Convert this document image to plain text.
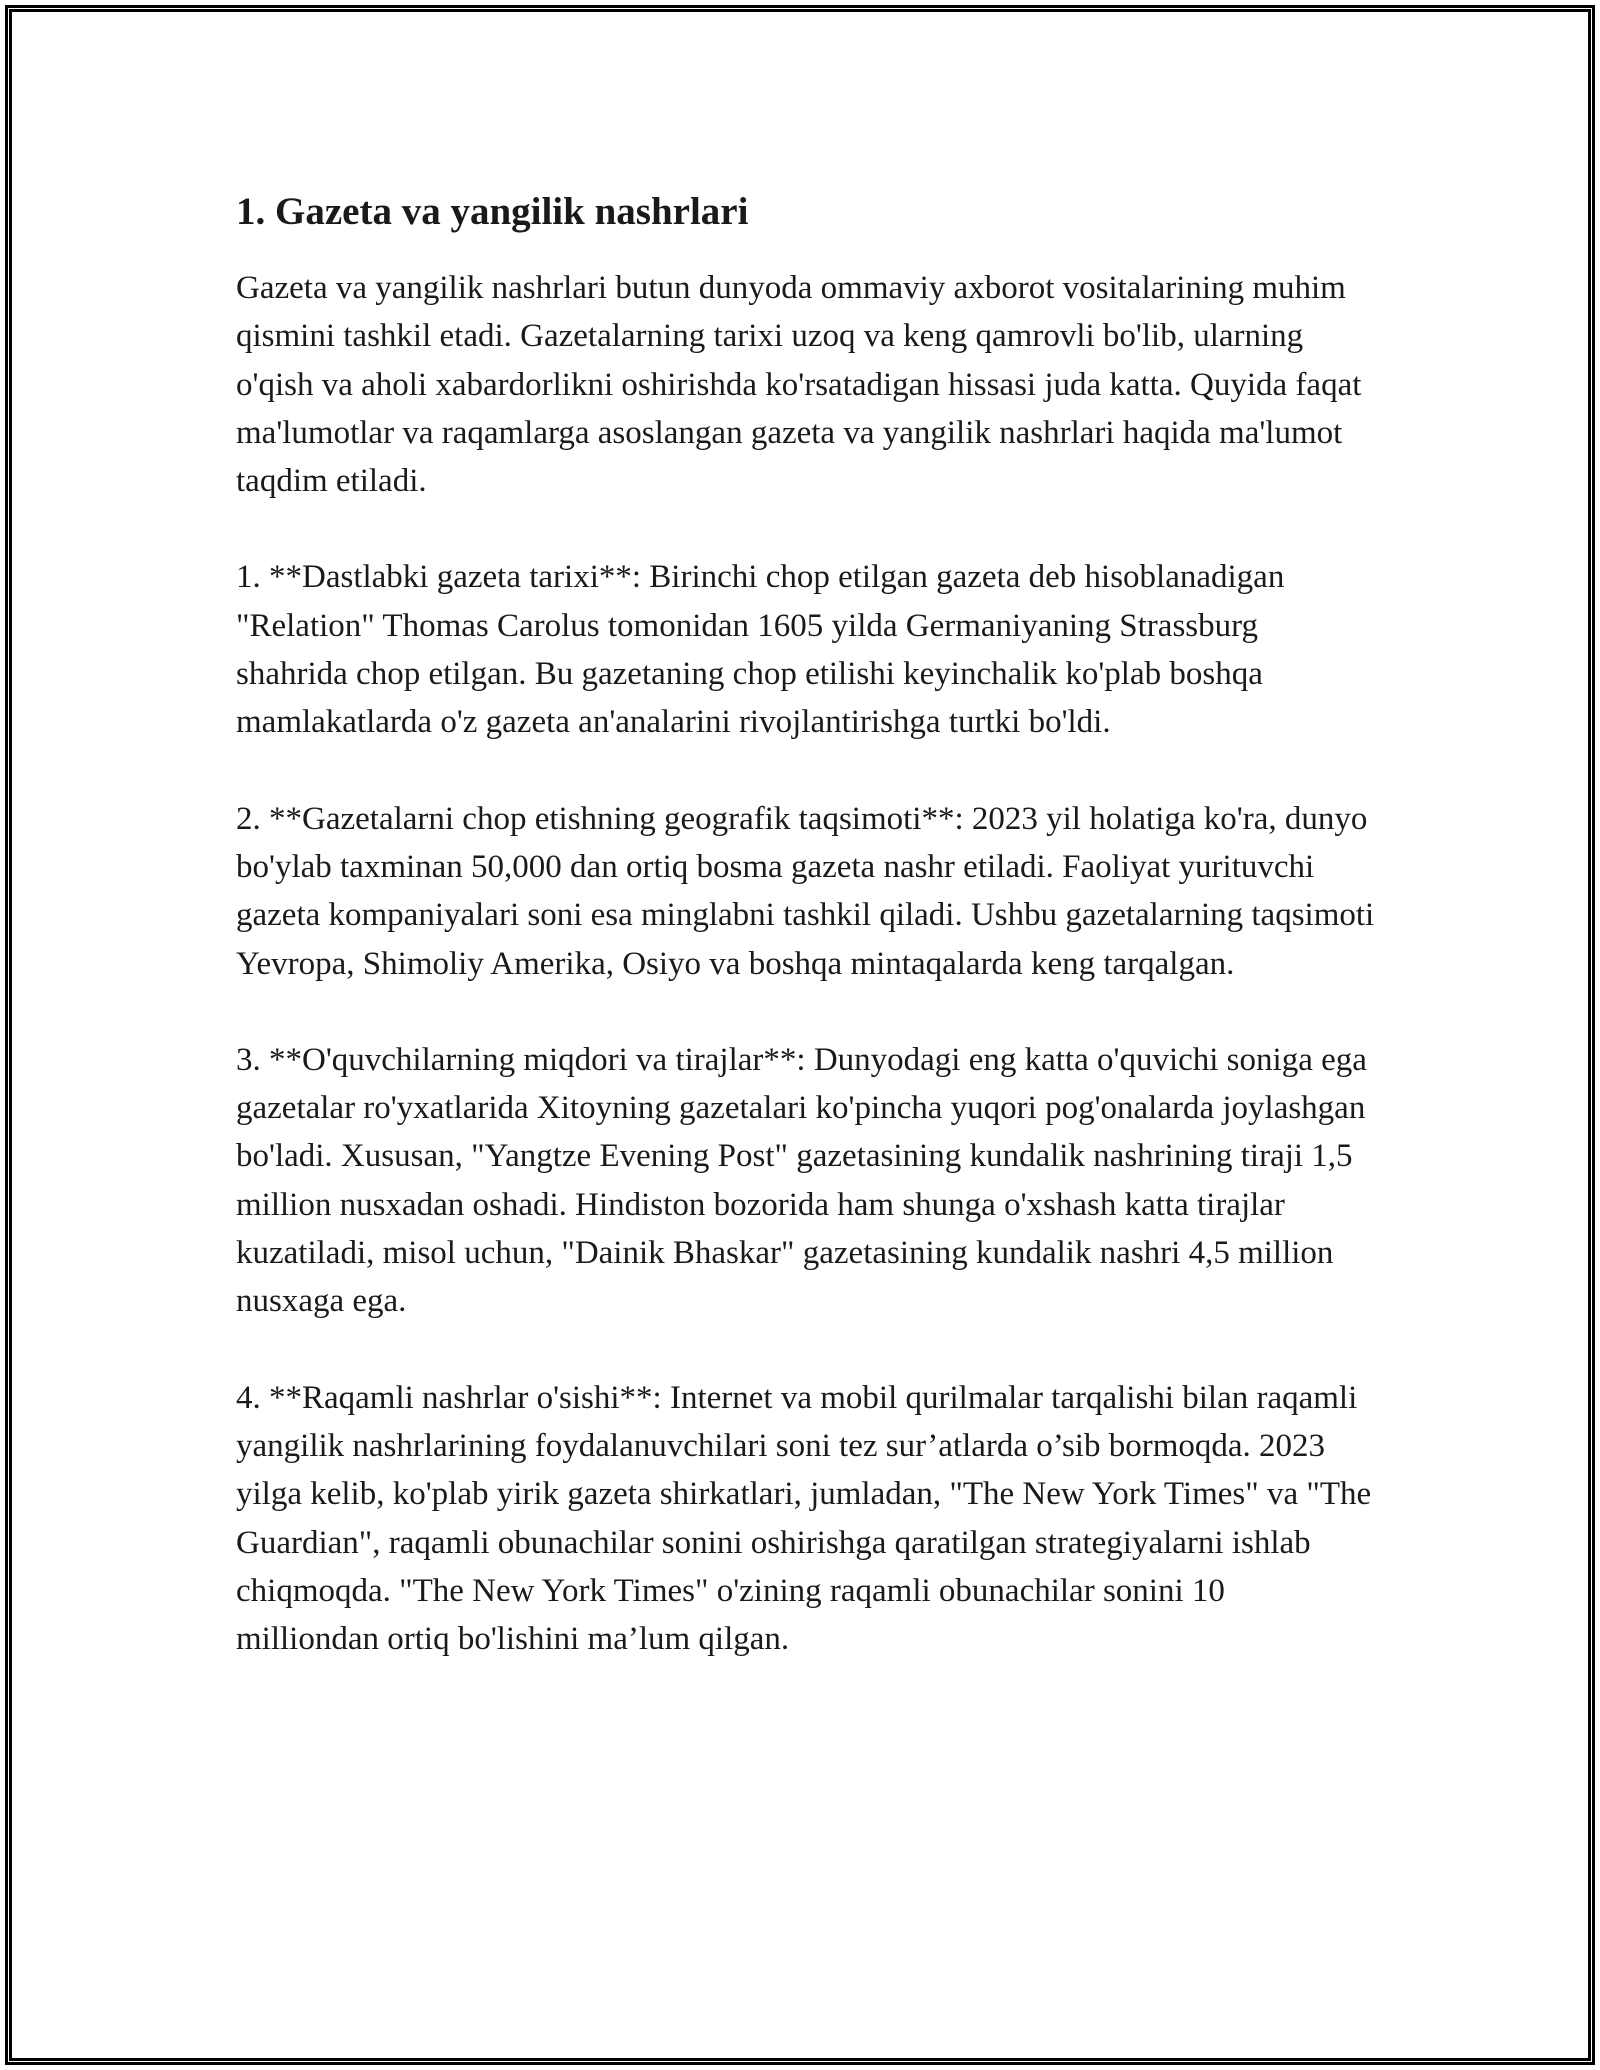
1. Gazeta va yangilik nashrlari

Gazeta va yangilik nashrlari butun dunyoda ommaviy axborot vositalarining muhim qismini tashkil etadi. Gazetalarning tarixi uzoq va keng qamrovli bo'lib, ularning o'qish va aholi xabardorlikni oshirishda ko'rsatadigan hissasi juda katta. Quyida faqat ma'lumotlar va raqamlarga asoslangan gazeta va yangilik nashrlari haqida ma'lumot taqdim etiladi.

1. **Dastlabki gazeta tarixi**: Birinchi chop etilgan gazeta deb hisoblanadigan "Relation" Thomas Carolus tomonidan 1605 yilda Germaniyaning Strassburg shahrida chop etilgan. Bu gazetaning chop etilishi keyinchalik ko'plab boshqa mamlakatlarda o'z gazeta an'analarini rivojlantirishga turtki bo'ldi.

2. **Gazetalarni chop etishning geografik taqsimoti**: 2023 yil holatiga ko'ra, dunyo bo'ylab taxminan 50,000 dan ortiq bosma gazeta nashr etiladi. Faoliyat yurituvchi gazeta kompaniyalari soni esa minglabni tashkil qiladi. Ushbu gazetalarning taqsimoti Yevropa, Shimoliy Amerika, Osiyo va boshqa mintaqalarda keng tarqalgan.

3. **O'quvchilarning miqdori va tirajlar**: Dunyodagi eng katta o'quvichi soniga ega gazetalar ro'yxatlarida Xitoyning gazetalari ko'pincha yuqori pog'onalarda joylashgan bo'ladi. Xususan, "Yangtze Evening Post" gazetasining kundalik nashrining tiraji 1,5 million nusxadan oshadi. Hindiston bozorida ham shunga o'xshash katta tirajlar kuzatiladi, misol uchun, "Dainik Bhaskar" gazetasining kundalik nashri 4,5 million nusxaga ega.

4. **Raqamli nashrlar o'sishi**: Internet va mobil qurilmalar tarqalishi bilan raqamli yangilik nashrlarining foydalanuvchilari soni tez sur’atlarda o’sib bormoqda. 2023 yilga kelib, ko'plab yirik gazeta shirkatlari, jumladan, "The New York Times" va "The Guardian", raqamli obunachilar sonini oshirishga qaratilgan strategiyalarni ishlab chiqmoqda. "The New York Times" o'zining raqamli obunachilar sonini 10 milliondan ortiq bo'lishini ma’lum qilgan.
